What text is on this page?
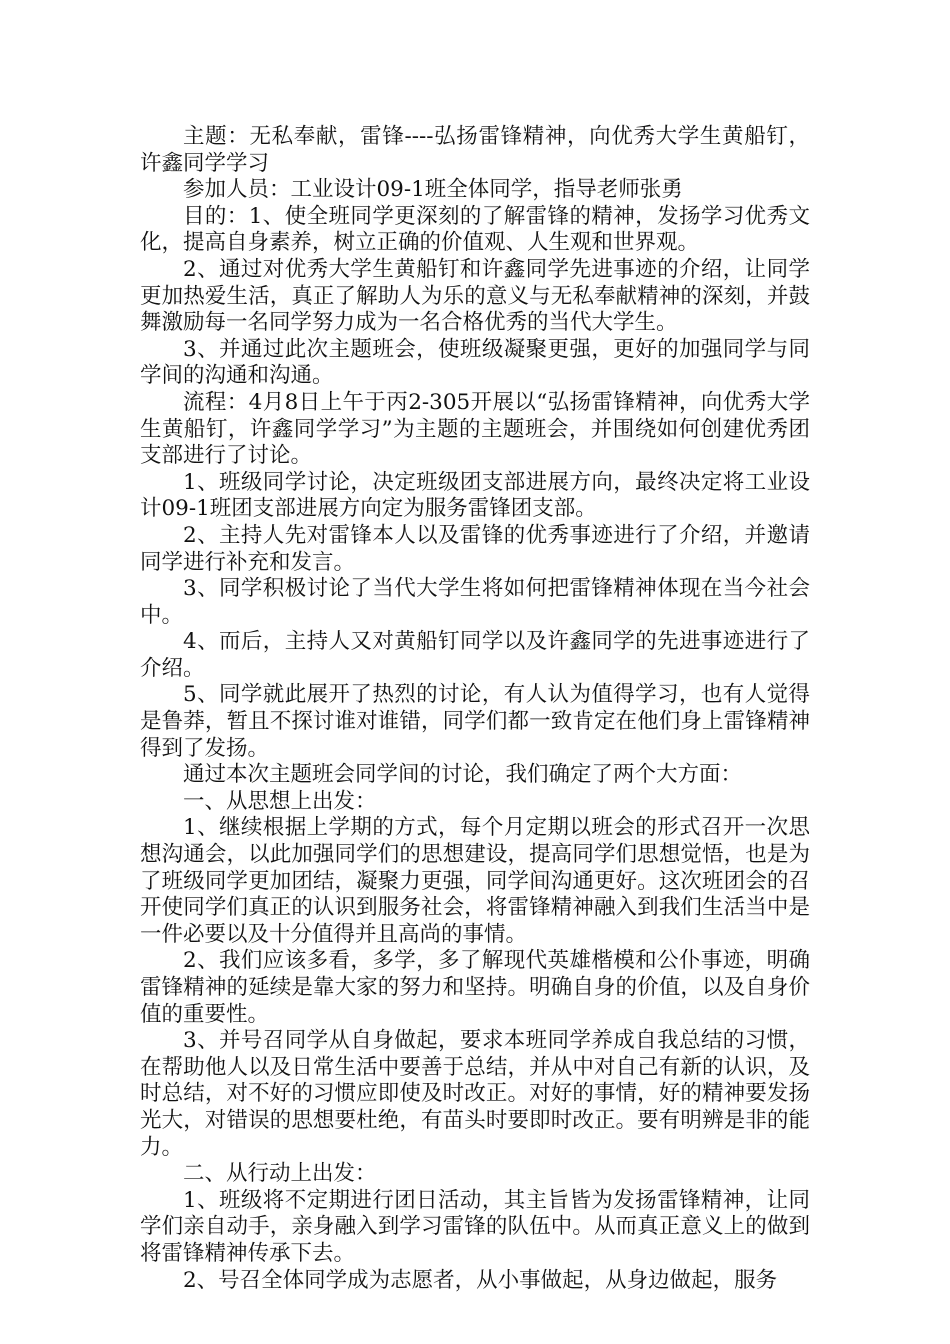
主题：无私奉献，雷锋----弘扬雷锋精神，向优秀大学生黄船钉，许鑫同学学习

参加人员：工业设计09-1班全体同学，指导老师张勇

目的：1、使全班同学更深刻的了解雷锋的精神，发扬学习优秀文化，提高自身素养，树立正确的价值观、人生观和世界观。

2、通过对优秀大学生黄船钉和许鑫同学先进事迹的介绍，让同学更加热爱生活，真正了解助人为乐的意义与无私奉献精神的深刻，并鼓舞激励每一名同学努力成为一名合格优秀的当代大学生。

3、并通过此次主题班会，使班级凝聚更强，更好的加强同学与同学间的沟通和沟通。

流程：4月8日上午于丙2-305开展以“弘扬雷锋精神，向优秀大学生黄船钉，许鑫同学学习”为主题的主题班会，并围绕如何创建优秀团支部进行了讨论。

1、班级同学讨论，决定班级团支部进展方向，最终决定将工业设计09-1班团支部进展方向定为服务雷锋团支部。

2、主持人先对雷锋本人以及雷锋的优秀事迹进行了介绍，并邀请同学进行补充和发言。

3、同学积极讨论了当代大学生将如何把雷锋精神体现在当今社会中。

4、而后，主持人又对黄船钉同学以及许鑫同学的先进事迹进行了介绍。

5、同学就此展开了热烈的讨论，有人认为值得学习，也有人觉得是鲁莽，暂且不探讨谁对谁错，同学们都一致肯定在他们身上雷锋精神得到了发扬。

通过本次主题班会同学间的讨论，我们确定了两个大方面：

一、从思想上出发：

1、继续根据上学期的方式，每个月定期以班会的形式召开一次思想沟通会，以此加强同学们的思想建设，提高同学们思想觉悟，也是为了班级同学更加团结，凝聚力更强，同学间沟通更好。这次班团会的召开使同学们真正的认识到服务社会，将雷锋精神融入到我们生活当中是一件必要以及十分值得并且高尚的事情。

2、我们应该多看，多学，多了解现代英雄楷模和公仆事迹，明确雷锋精神的延续是靠大家的努力和坚持。明确自身的价值，以及自身价值的重要性。

3、并号召同学从自身做起，要求本班同学养成自我总结的习惯，在帮助他人以及日常生活中要善于总结，并从中对自己有新的认识，及时总结，对不好的习惯应即使及时改正。对好的事情，好的精神要发扬光大，对错误的思想要杜绝，有苗头时要即时改正。要有明辨是非的能力。

二、从行动上出发：

1、班级将不定期进行团日活动，其主旨皆为发扬雷锋精神，让同学们亲自动手，亲身融入到学习雷锋的队伍中。从而真正意义上的做到将雷锋精神传承下去。

2、号召全体同学成为志愿者，从小事做起，从身边做起，服务
